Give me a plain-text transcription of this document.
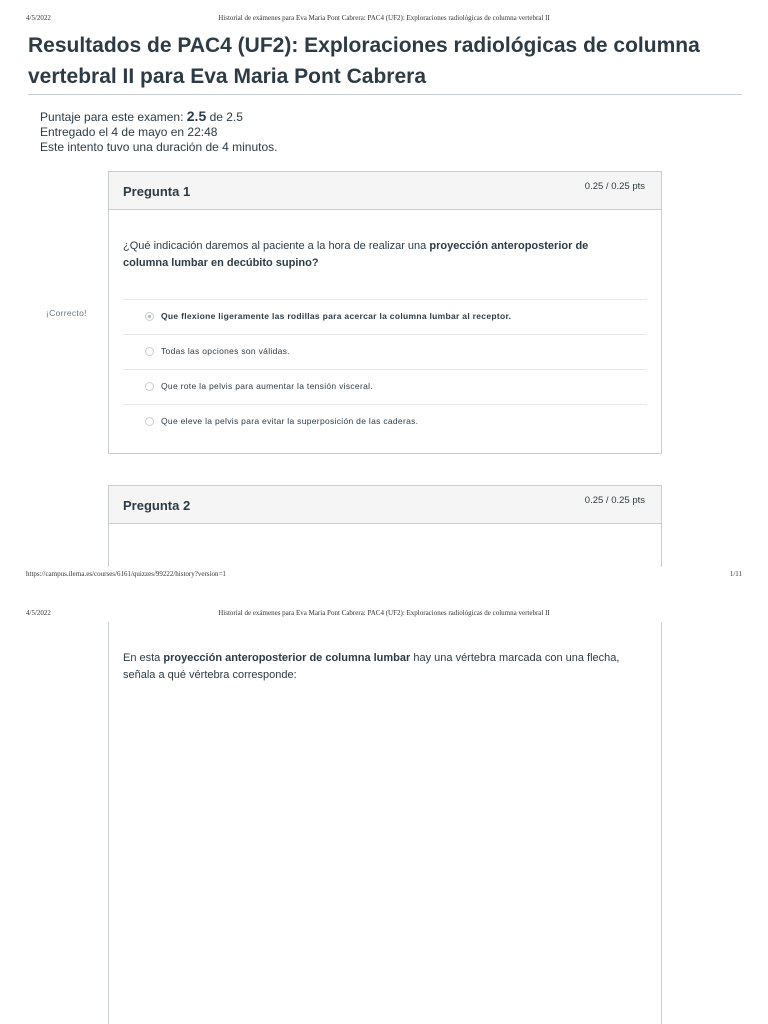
4/5/2022	Historial de exámenes para Eva Maria Pont Cabrera: PAC4 (UF2): Exploraciones radiológicas de columna vertebral II
Resultados de PAC4 (UF2): Exploraciones radiológicas de columna vertebral II para Eva Maria Pont Cabrera
Puntaje para este examen: 2.5 de 2.5
Entregado el 4 de mayo en 22:48
Este intento tuvo una duración de 4 minutos.
Pregunta 1	0.25 / 0.25 pts
¿Qué indicación daremos al paciente a la hora de realizar una proyección anteroposterior de columna lumbar en decúbito supino?
Que flexione ligeramente las rodillas para acercar la columna lumbar al receptor.
Todas las opciones son válidas.
Que rote la pelvis para aumentar la tensión visceral.
Que eleve la pelvis para evitar la superposición de las caderas.
¡Correcto!
Pregunta 2	0.25 / 0.25 pts
https://campus.ilerna.es/courses/6161/quizzes/99222/history?version=1	1/11
4/5/2022	Historial de exámenes para Eva Maria Pont Cabrera: PAC4 (UF2): Exploraciones radiológicas de columna vertebral II
En esta proyección anteroposterior de columna lumbar hay una vértebra marcada con una flecha, señala a qué vértebra corresponde:
